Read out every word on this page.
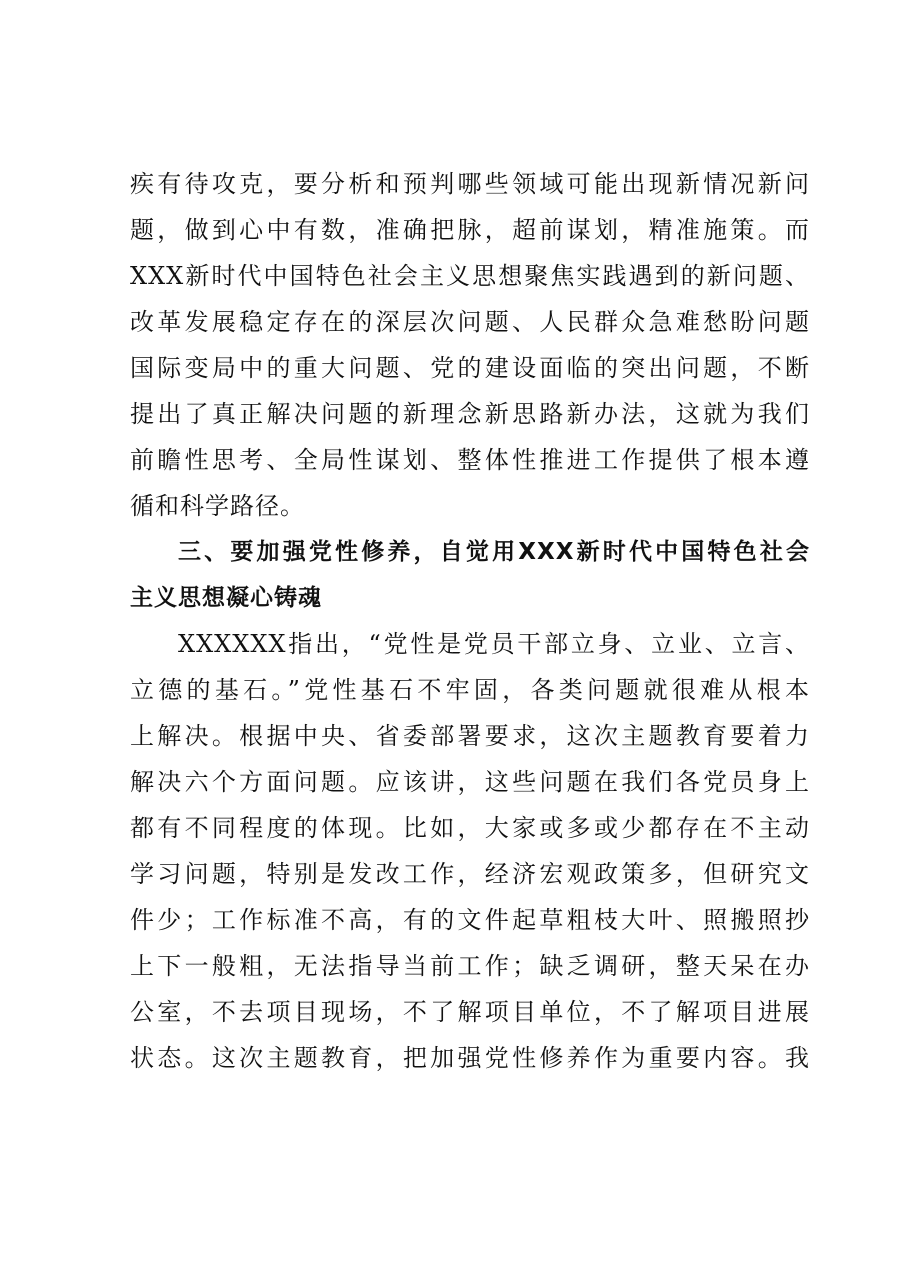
疾有待攻克，要分析和预判哪些领域可能出现新情况新问

题，做到心中有数，准确把脉，超前谋划，精准施策。而

XXX新时代中国特色社会主义思想聚焦实践遇到的新问题、

改革发展稳定存在的深层次问题、人民群众急难愁盼问题

国际变局中的重大问题、党的建设面临的突出问题，不断

提出了真正解决问题的新理念新思路新办法，这就为我们

前瞻性思考、全局性谋划、整体性推进工作提供了根本遵

循和科学路径。

三、要加强党性修养，自觉用XXX新时代中国特色社会

主义思想凝心铸魂

XXXXXX指出，“党性是党员干部立身、立业、立言、

立德的基石。”党性基石不牢固，各类问题就很难从根本

上解决。根据中央、省委部署要求，这次主题教育要着力

解决六个方面问题。应该讲，这些问题在我们各党员身上

都有不同程度的体现。比如，大家或多或少都存在不主动

学习问题，特别是发改工作，经济宏观政策多，但研究文

件少；工作标准不高，有的文件起草粗枝大叶、照搬照抄

上下一般粗，无法指导当前工作；缺乏调研，整天呆在办

公室，不去项目现场，不了解项目单位，不了解项目进展

状态。这次主题教育，把加强党性修养作为重要内容。我
